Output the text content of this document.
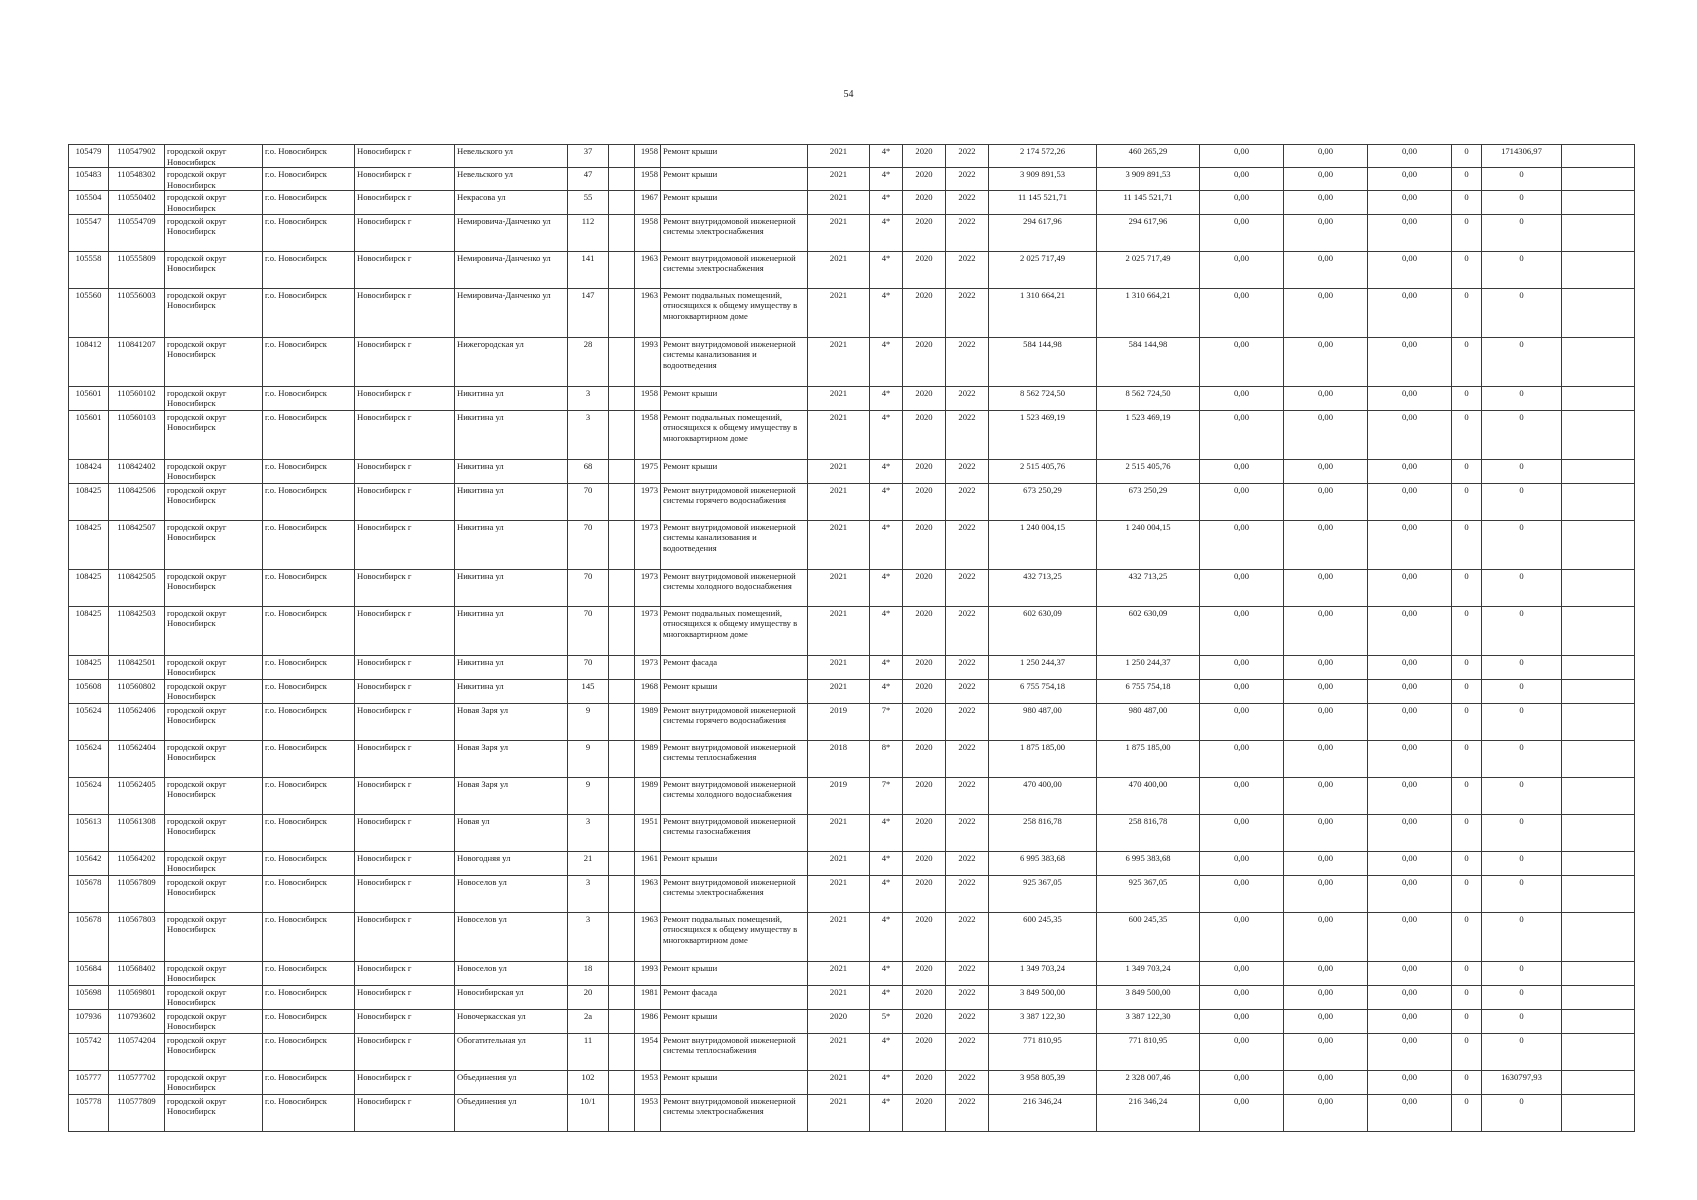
54
105479	110547902	городской округ Новосибирск	г.о. Новосибирск	Новосибирск г	Невельского ул	37		1958	Ремонт крыши	2021	4*	2020	2022	2 174 572,26	460 265,29	0,00	0,00	0,00	0	1714306,97	
105483	110548302	городской округ Новосибирск	г.о. Новосибирск	Новосибирск г	Невельского ул	47		1958	Ремонт крыши	2021	4*	2020	2022	3 909 891,53	3 909 891,53	0,00	0,00	0,00	0	0	
105504	110550402	городской округ Новосибирск	г.о. Новосибирск	Новосибирск г	Некрасова ул	55		1967	Ремонт крыши	2021	4*	2020	2022	11 145 521,71	11 145 521,71	0,00	0,00	0,00	0	0	
105547	110554709	городской округ Новосибирск	г.о. Новосибирск	Новосибирск г	Немировича-Данченко ул	112		1958	Ремонт внутридомовой инженерной системы электроснабжения	2021	4*	2020	2022	294 617,96	294 617,96	0,00	0,00	0,00	0	0	
105558	110555809	городской округ Новосибирск	г.о. Новосибирск	Новосибирск г	Немировича-Данченко ул	141		1963	Ремонт внутридомовой инженерной системы электроснабжения	2021	4*	2020	2022	2 025 717,49	2 025 717,49	0,00	0,00	0,00	0	0	
105560	110556003	городской округ Новосибирск	г.о. Новосибирск	Новосибирск г	Немировича-Данченко ул	147		1963	Ремонт подвальных помещений, относящихся к общему имуществу в многоквартирном доме	2021	4*	2020	2022	1 310 664,21	1 310 664,21	0,00	0,00	0,00	0	0	
108412	110841207	городской округ Новосибирск	г.о. Новосибирск	Новосибирск г	Нижегородская ул	28		1993	Ремонт внутридомовой инженерной системы канализования и водоотведения	2021	4*	2020	2022	584 144,98	584 144,98	0,00	0,00	0,00	0	0	
105601	110560102	городской округ Новосибирск	г.о. Новосибирск	Новосибирск г	Никитина ул	3		1958	Ремонт крыши	2021	4*	2020	2022	8 562 724,50	8 562 724,50	0,00	0,00	0,00	0	0	
105601	110560103	городской округ Новосибирск	г.о. Новосибирск	Новосибирск г	Никитина ул	3		1958	Ремонт подвальных помещений, относящихся к общему имуществу в многоквартирном доме	2021	4*	2020	2022	1 523 469,19	1 523 469,19	0,00	0,00	0,00	0	0	
108424	110842402	городской округ Новосибирск	г.о. Новосибирск	Новосибирск г	Никитина ул	68		1975	Ремонт крыши	2021	4*	2020	2022	2 515 405,76	2 515 405,76	0,00	0,00	0,00	0	0	
108425	110842506	городской округ Новосибирск	г.о. Новосибирск	Новосибирск г	Никитина ул	70		1973	Ремонт внутридомовой инженерной системы горячего водоснабжения	2021	4*	2020	2022	673 250,29	673 250,29	0,00	0,00	0,00	0	0	
108425	110842507	городской округ Новосибирск	г.о. Новосибирск	Новосибирск г	Никитина ул	70		1973	Ремонт внутридомовой инженерной системы канализования и водоотведения	2021	4*	2020	2022	1 240 004,15	1 240 004,15	0,00	0,00	0,00	0	0	
108425	110842505	городской округ Новосибирск	г.о. Новосибирск	Новосибирск г	Никитина ул	70		1973	Ремонт внутридомовой инженерной системы холодного водоснабжения	2021	4*	2020	2022	432 713,25	432 713,25	0,00	0,00	0,00	0	0	
108425	110842503	городской округ Новосибирск	г.о. Новосибирск	Новосибирск г	Никитина ул	70		1973	Ремонт подвальных помещений, относящихся к общему имуществу в многоквартирном доме	2021	4*	2020	2022	602 630,09	602 630,09	0,00	0,00	0,00	0	0	
108425	110842501	городской округ Новосибирск	г.о. Новосибирск	Новосибирск г	Никитина ул	70		1973	Ремонт фасада	2021	4*	2020	2022	1 250 244,37	1 250 244,37	0,00	0,00	0,00	0	0	
105608	110560802	городской округ Новосибирск	г.о. Новосибирск	Новосибирск г	Никитина ул	145		1968	Ремонт крыши	2021	4*	2020	2022	6 755 754,18	6 755 754,18	0,00	0,00	0,00	0	0	
105624	110562406	городской округ Новосибирск	г.о. Новосибирск	Новосибирск г	Новая Заря ул	9		1989	Ремонт внутридомовой инженерной системы горячего водоснабжения	2019	7*	2020	2022	980 487,00	980 487,00	0,00	0,00	0,00	0	0	
105624	110562404	городской округ Новосибирск	г.о. Новосибирск	Новосибирск г	Новая Заря ул	9		1989	Ремонт внутридомовой инженерной системы теплоснабжения	2018	8*	2020	2022	1 875 185,00	1 875 185,00	0,00	0,00	0,00	0	0	
105624	110562405	городской округ Новосибирск	г.о. Новосибирск	Новосибирск г	Новая Заря ул	9		1989	Ремонт внутридомовой инженерной системы холодного водоснабжения	2019	7*	2020	2022	470 400,00	470 400,00	0,00	0,00	0,00	0	0	
105613	110561308	городской округ Новосибирск	г.о. Новосибирск	Новосибирск г	Новая ул	3		1951	Ремонт внутридомовой инженерной системы газоснабжения	2021	4*	2020	2022	258 816,78	258 816,78	0,00	0,00	0,00	0	0	
105642	110564202	городской округ Новосибирск	г.о. Новосибирск	Новосибирск г	Новогодняя ул	21		1961	Ремонт крыши	2021	4*	2020	2022	6 995 383,68	6 995 383,68	0,00	0,00	0,00	0	0	
105678	110567809	городской округ Новосибирск	г.о. Новосибирск	Новосибирск г	Новоселов ул	3		1963	Ремонт внутридомовой инженерной системы электроснабжения	2021	4*	2020	2022	925 367,05	925 367,05	0,00	0,00	0,00	0	0	
105678	110567803	городской округ Новосибирск	г.о. Новосибирск	Новосибирск г	Новоселов ул	3		1963	Ремонт подвальных помещений, относящихся к общему имуществу в многоквартирном доме	2021	4*	2020	2022	600 245,35	600 245,35	0,00	0,00	0,00	0	0	
105684	110568402	городской округ Новосибирск	г.о. Новосибирск	Новосибирск г	Новоселов ул	18		1993	Ремонт крыши	2021	4*	2020	2022	1 349 703,24	1 349 703,24	0,00	0,00	0,00	0	0	
105698	110569801	городской округ Новосибирск	г.о. Новосибирск	Новосибирск г	Новосибирская ул	20		1981	Ремонт фасада	2021	4*	2020	2022	3 849 500,00	3 849 500,00	0,00	0,00	0,00	0	0	
107936	110793602	городской округ Новосибирск	г.о. Новосибирск	Новосибирск г	Новочеркасская ул	2а		1986	Ремонт крыши	2020	5*	2020	2022	3 387 122,30	3 387 122,30	0,00	0,00	0,00	0	0	
105742	110574204	городской округ Новосибирск	г.о. Новосибирск	Новосибирск г	Обогатительная ул	11		1954	Ремонт внутридомовой инженерной системы теплоснабжения	2021	4*	2020	2022	771 810,95	771 810,95	0,00	0,00	0,00	0	0	
105777	110577702	городской округ Новосибирск	г.о. Новосибирск	Новосибирск г	Объединения ул	102		1953	Ремонт крыши	2021	4*	2020	2022	3 958 805,39	2 328 007,46	0,00	0,00	0,00	0	1630797,93	
105778	110577809	городской округ Новосибирск	г.о. Новосибирск	Новосибирск г	Объединения ул	10/1		1953	Ремонт внутридомовой инженерной системы электроснабжения	2021	4*	2020	2022	216 346,24	216 346,24	0,00	0,00	0,00	0	0	
